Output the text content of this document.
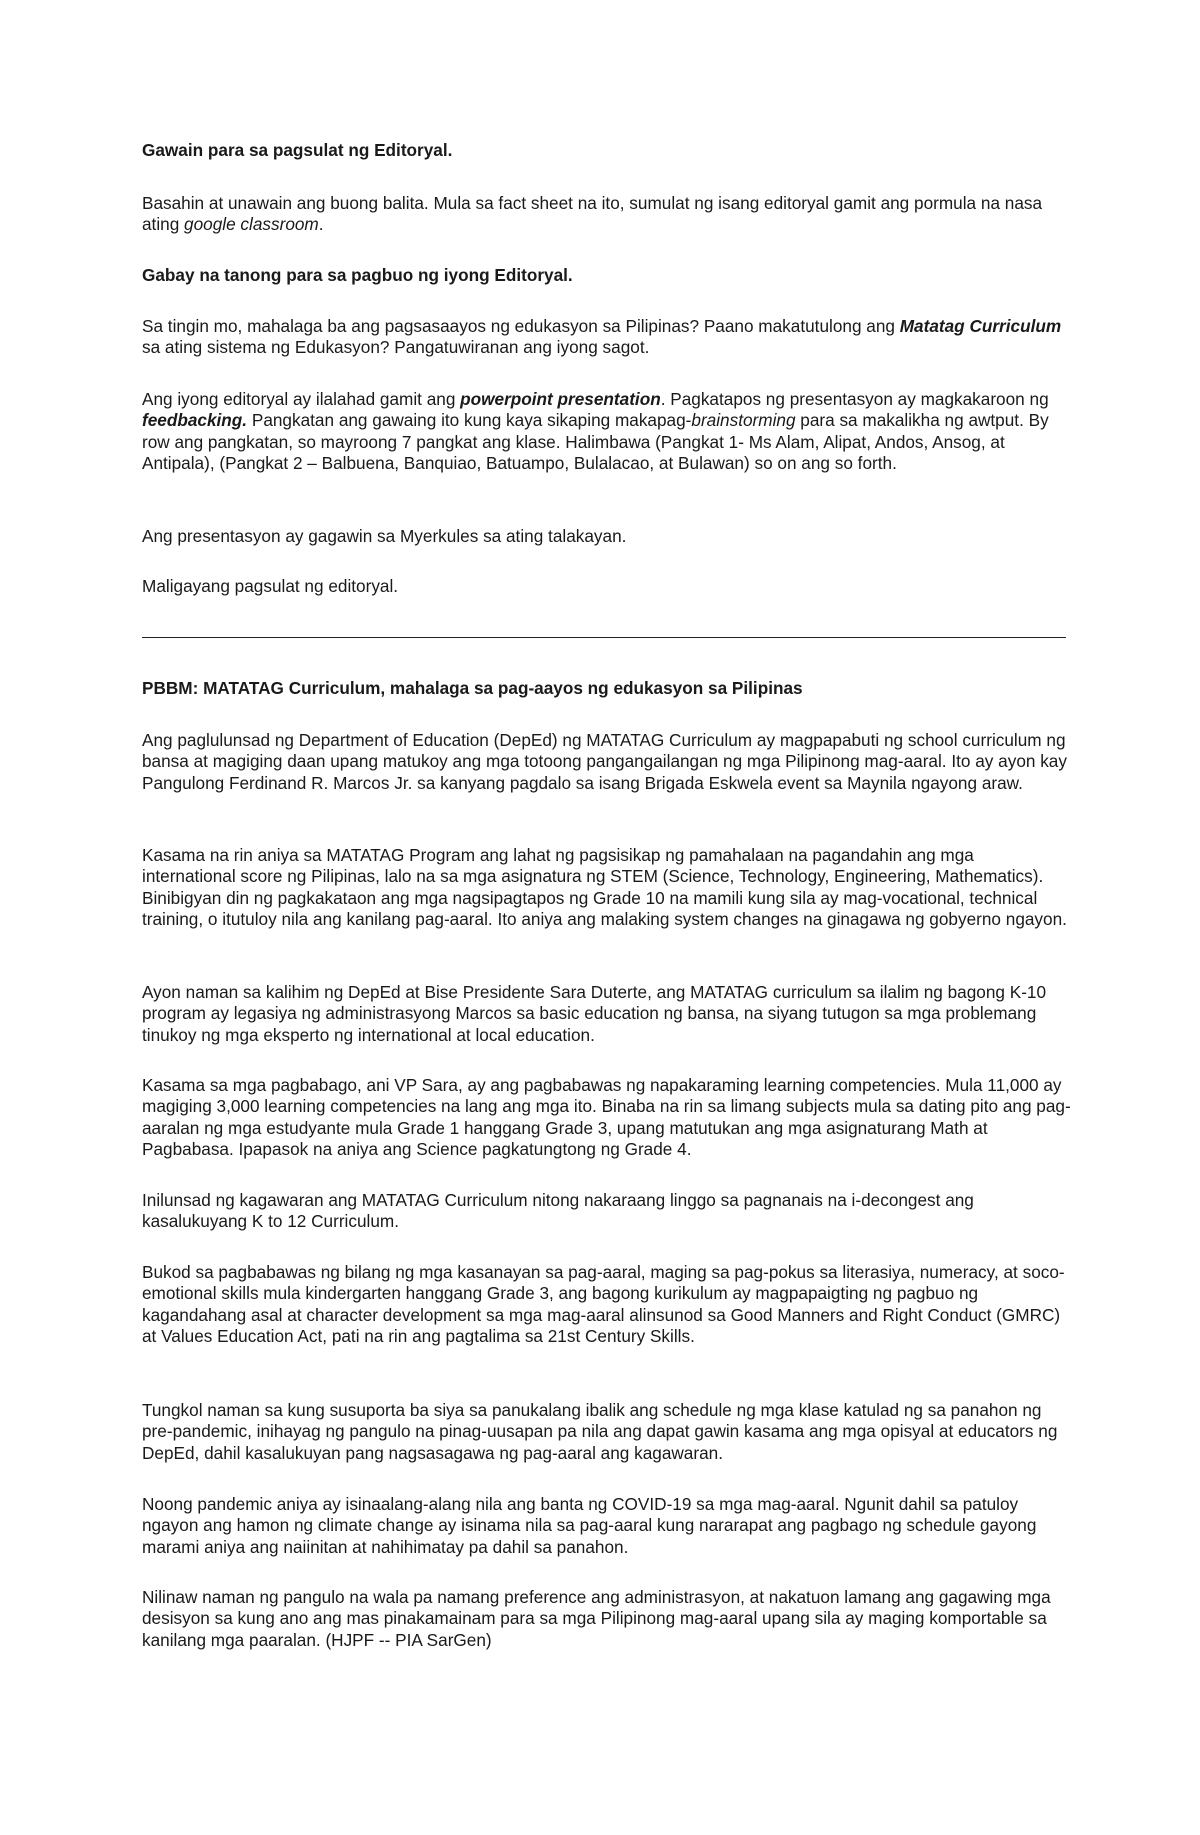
Gawain para sa pagsulat ng Editoryal.

Basahin at unawain ang buong balita. Mula sa fact sheet na ito, sumulat ng isang editoryal gamit ang pormula na nasa ating google classroom.

Gabay na tanong para sa pagbuo ng iyong Editoryal.

Sa tingin mo, mahalaga ba ang pagsasaayos ng edukasyon sa Pilipinas? Paano makatutulong ang Matatag Curriculum sa ating sistema ng Edukasyon? Pangatuwiranan ang iyong sagot.

Ang iyong editoryal ay ilalahad gamit ang powerpoint presentation. Pagkatapos ng presentasyon ay magkakaroon ng feedbacking. Pangkatan ang gawaing ito kung kaya sikaping makapag-brainstorming para sa makalikha ng awtput. By row ang pangkatan, so mayroong 7 pangkat ang klase. Halimbawa (Pangkat 1- Ms Alam, Alipat, Andos, Ansog, at Antipala), (Pangkat 2 – Balbuena, Banquiao, Batuampo, Bulalacao, at Bulawan) so on ang so forth.

Ang presentasyon ay gagawin sa Myerkules sa ating talakayan.

Maligayang pagsulat ng editoryal.

PBBM: MATATAG Curriculum, mahalaga sa pag-aayos ng edukasyon sa Pilipinas

Ang paglulunsad ng Department of Education (DepEd) ng MATATAG Curriculum ay magpapabuti ng school curriculum ng bansa at magiging daan upang matukoy ang mga totoong pangangailangan ng mga Pilipinong mag-aaral. Ito ay ayon kay Pangulong Ferdinand R. Marcos Jr. sa kanyang pagdalo sa isang Brigada Eskwela event sa Maynila ngayong araw.

Kasama na rin aniya sa MATATAG Program ang lahat ng pagsisikap ng pamahalaan na pagandahin ang mga international score ng Pilipinas, lalo na sa mga asignatura ng STEM (Science, Technology, Engineering, Mathematics). Binibigyan din ng pagkakataon ang mga nagsipagtapos ng Grade 10 na mamili kung sila ay mag-vocational, technical training, o itutuloy nila ang kanilang pag-aaral. Ito aniya ang malaking system changes na ginagawa ng gobyerno ngayon.

Ayon naman sa kalihim ng DepEd at Bise Presidente Sara Duterte, ang MATATAG curriculum sa ilalim ng bagong K-10 program ay legasiya ng administrasyong Marcos sa basic education ng bansa, na siyang tutugon sa mga problemang tinukoy ng mga eksperto ng international at local education.

Kasama sa mga pagbabago, ani VP Sara, ay ang pagbabawas ng napakaraming learning competencies. Mula 11,000 ay magiging 3,000 learning competencies na lang ang mga ito. Binaba na rin sa limang subjects mula sa dating pito ang pag-aaralan ng mga estudyante mula Grade 1 hanggang Grade 3, upang matutukan ang mga asignaturang Math at Pagbabasa. Ipapasok na aniya ang Science pagkatungtong ng Grade 4.

Inilunsad ng kagawaran ang MATATAG Curriculum nitong nakaraang linggo sa pagnanais na i-decongest ang kasalukuyang K to 12 Curriculum.

Bukod sa pagbabawas ng bilang ng mga kasanayan sa pag-aaral, maging sa pag-pokus sa literasiya, numeracy, at soco-emotional skills mula kindergarten hanggang Grade 3, ang bagong kurikulum ay magpapaigting ng pagbuo ng kagandahang asal at character development sa mga mag-aaral alinsunod sa Good Manners and Right Conduct (GMRC) at Values Education Act, pati na rin ang pagtalima sa 21st Century Skills.

Tungkol naman sa kung susuporta ba siya sa panukalang ibalik ang schedule ng mga klase katulad ng sa panahon ng pre-pandemic, inihayag ng pangulo na pinag-uusapan pa nila ang dapat gawin kasama ang mga opisyal at educators ng DepEd, dahil kasalukuyan pang nagsasagawa ng pag-aaral ang kagawaran.

Noong pandemic aniya ay isinaalang-alang nila ang banta ng COVID-19 sa mga mag-aaral. Ngunit dahil sa patuloy ngayon ang hamon ng climate change ay isinama nila sa pag-aaral kung nararapat ang pagbago ng schedule gayong marami aniya ang naiinitan at nahihimatay pa dahil sa panahon.

Nilinaw naman ng pangulo na wala pa namang preference ang administrasyon, at nakatuon lamang ang gagawing mga desisyon sa kung ano ang mas pinakamainam para sa mga Pilipinong mag-aaral upang sila ay maging komportable sa kanilang mga paaralan. (HJPF -- PIA SarGen)
